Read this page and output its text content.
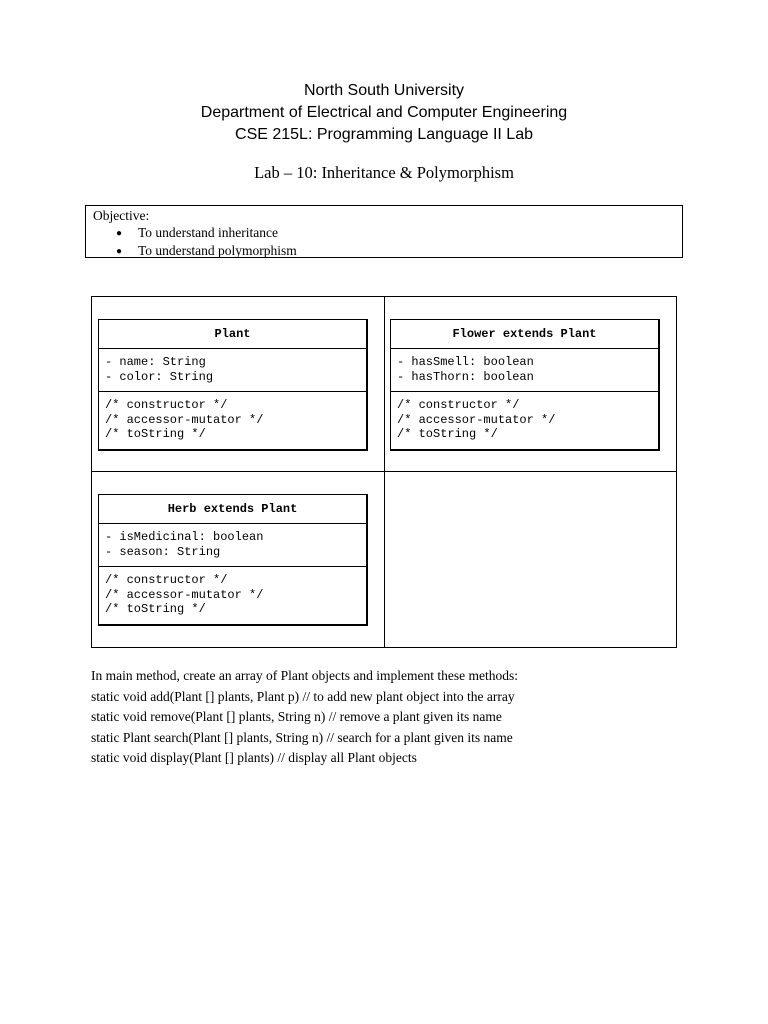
North South University
Department of Electrical and Computer Engineering
CSE 215L: Programming Language II Lab
Lab – 10: Inheritance & Polymorphism
Objective:
● To understand inheritance
● To understand polymorphism
Plant
- name: String
- color: String
/* constructor */
/* accessor-mutator */
/* toString */
Flower extends Plant
- hasSmell: boolean
- hasThorn: boolean
/* constructor */
/* accessor-mutator */
/* toString */
Herb extends Plant
- isMedicinal: boolean
- season: String
/* constructor */
/* accessor-mutator */
/* toString */
In main method, create an array of Plant objects and implement these methods:
static void add(Plant [] plants, Plant p) // to add new plant object into the array
static void remove(Plant [] plants, String n) // remove a plant given its name
static Plant search(Plant [] plants, String n) // search for a plant given its name
static void display(Plant [] plants) // display all Plant objects
